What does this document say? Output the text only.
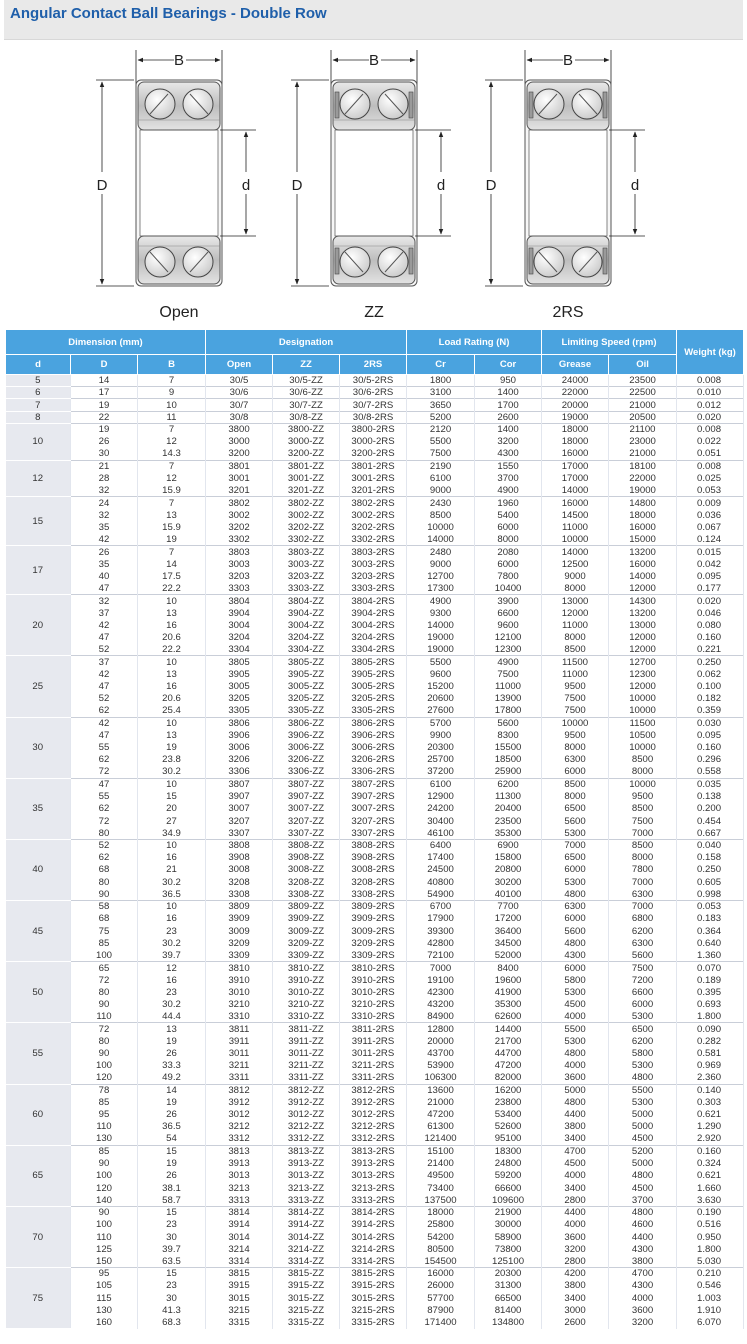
Angular Contact Ball Bearings - Double Row
B	B	B
D	D	D
d	d	d
Open	ZZ	2RS
Dimension (mm)			Designation			Load Rating (N)		Limiting Speed (rpm)		Weight (kg)
d	D	B	Open	ZZ	2RS	Cr	Cor	Grease	Oil	
5	14	7	30/5	30/5-ZZ	30/5-2RS	1800	950	24000	23500	0.008
6	17	9	30/6	30/6-ZZ	30/6-2RS	3100	1400	22000	22500	0.010
7	19	10	30/7	30/7-ZZ	30/7-2RS	3650	1700	20000	21000	0.012
8	22	11	30/8	30/8-ZZ	30/8-2RS	5200	2600	19000	20500	0.020
10	19	7	3800	3800-ZZ	3800-2RS	2120	1400	18000	21100	0.008
	26	12	3000	3000-ZZ	3000-2RS	5500	3200	18000	23000	0.022
	30	14.3	3200	3200-ZZ	3200-2RS	7500	4300	16000	21000	0.051
12	21	7	3801	3801-ZZ	3801-2RS	2190	1550	17000	18100	0.008
	28	12	3001	3001-ZZ	3001-2RS	6100	3700	17000	22000	0.025
	32	15.9	3201	3201-ZZ	3201-2RS	9000	4900	14000	19000	0.053
15	24	7	3802	3802-ZZ	3802-2RS	2430	1960	16000	14800	0.009
	32	13	3002	3002-ZZ	3002-2RS	8500	5400	14500	18000	0.036
	35	15.9	3202	3202-ZZ	3202-2RS	10000	6000	11000	16000	0.067
	42	19	3302	3302-ZZ	3302-2RS	14000	8000	10000	15000	0.124
17	26	7	3803	3803-ZZ	3803-2RS	2480	2080	14000	13200	0.015
	35	14	3003	3003-ZZ	3003-2RS	9000	6000	12500	16000	0.042
	40	17.5	3203	3203-ZZ	3203-2RS	12700	7800	9000	14000	0.095
	47	22.2	3303	3303-ZZ	3303-2RS	17300	10400	8000	12000	0.177
20	32	10	3804	3804-ZZ	3804-2RS	4900	3900	13000	14300	0.020
	37	13	3904	3904-ZZ	3904-2RS	9300	6600	12000	13200	0.046
	42	16	3004	3004-ZZ	3004-2RS	14000	9600	11000	13000	0.080
	47	20.6	3204	3204-ZZ	3204-2RS	19000	12100	8000	12000	0.160
	52	22.2	3304	3304-ZZ	3304-2RS	19000	12300	8500	12000	0.221
25	37	10	3805	3805-ZZ	3805-2RS	5500	4900	11500	12700	0.250
	42	13	3905	3905-ZZ	3905-2RS	9600	7500	11000	12300	0.062
	47	16	3005	3005-ZZ	3005-2RS	15200	11000	9500	12000	0.100
	52	20.6	3205	3205-ZZ	3205-2RS	20600	13900	7500	10000	0.182
	62	25.4	3305	3305-ZZ	3305-2RS	27600	17800	7500	10000	0.359
30	42	10	3806	3806-ZZ	3806-2RS	5700	5600	10000	11500	0.030
	47	13	3906	3906-ZZ	3906-2RS	9900	8300	9500	10500	0.095
	55	19	3006	3006-ZZ	3006-2RS	20300	15500	8000	10000	0.160
	62	23.8	3206	3206-ZZ	3206-2RS	25700	18500	6300	8500	0.296
	72	30.2	3306	3306-ZZ	3306-2RS	37200	25900	6000	8000	0.558
35	47	10	3807	3807-ZZ	3807-2RS	6100	6200	8500	10000	0.035
	55	15	3907	3907-ZZ	3907-2RS	12900	11300	8000	9500	0.138
	62	20	3007	3007-ZZ	3007-2RS	24200	20400	6500	8500	0.200
	72	27	3207	3207-ZZ	3207-2RS	30400	23500	5600	7500	0.454
	80	34.9	3307	3307-ZZ	3307-2RS	46100	35300	5300	7000	0.667
40	52	10	3808	3808-ZZ	3808-2RS	6400	6900	7000	8500	0.040
	62	16	3908	3908-ZZ	3908-2RS	17400	15800	6500	8000	0.158
	68	21	3008	3008-ZZ	3008-2RS	24500	20800	6000	7800	0.250
	80	30.2	3208	3208-ZZ	3208-2RS	40800	30200	5300	7000	0.605
	90	36.5	3308	3308-ZZ	3308-2RS	54900	40100	4800	6300	0.998
45	58	10	3809	3809-ZZ	3809-2RS	6700	7700	6300	7000	0.053
	68	16	3909	3909-ZZ	3909-2RS	17900	17200	6000	6800	0.183
	75	23	3009	3009-ZZ	3009-2RS	39300	36400	5600	6200	0.364
	85	30.2	3209	3209-ZZ	3209-2RS	42800	34500	4800	6300	0.640
	100	39.7	3309	3309-ZZ	3309-2RS	72100	52000	4300	5600	1.360
50	65	12	3810	3810-ZZ	3810-2RS	7000	8400	6000	7500	0.070
	72	16	3910	3910-ZZ	3910-2RS	19100	19600	5800	7200	0.189
	80	23	3010	3010-ZZ	3010-2RS	42300	41900	5300	6600	0.395
	90	30.2	3210	3210-ZZ	3210-2RS	43200	35300	4500	6000	0.693
	110	44.4	3310	3310-ZZ	3310-2RS	84900	62600	4000	5300	1.800
55	72	13	3811	3811-ZZ	3811-2RS	12800	14400	5500	6500	0.090
	80	19	3911	3911-ZZ	3911-2RS	20000	21700	5300	6200	0.282
	90	26	3011	3011-ZZ	3011-2RS	43700	44700	4800	5800	0.581
	100	33.3	3211	3211-ZZ	3211-2RS	53900	47200	4000	5300	0.969
	120	49.2	3311	3311-ZZ	3311-2RS	106300	82000	3600	4800	2.360
60	78	14	3812	3812-ZZ	3812-2RS	13600	16200	5000	5500	0.140
	85	19	3912	3912-ZZ	3912-2RS	21000	23800	4800	5300	0.303
	95	26	3012	3012-ZZ	3012-2RS	47200	53400	4400	5000	0.621
	110	36.5	3212	3212-ZZ	3212-2RS	61300	52600	3800	5000	1.290
	130	54	3312	3312-ZZ	3312-2RS	121400	95100	3400	4500	2.920
65	85	15	3813	3813-ZZ	3813-2RS	15100	18300	4700	5200	0.160
	90	19	3913	3913-ZZ	3913-2RS	21400	24800	4500	5000	0.324
	100	26	3013	3013-ZZ	3013-2RS	49500	59200	4000	4800	0.621
	120	38.1	3213	3213-ZZ	3213-2RS	73400	66600	3400	4500	1.660
	140	58.7	3313	3313-ZZ	3313-2RS	137500	109600	2800	3700	3.630
70	90	15	3814	3814-ZZ	3814-2RS	18000	21900	4400	4800	0.190
	100	23	3914	3914-ZZ	3914-2RS	25800	30000	4000	4600	0.516
	110	30	3014	3014-ZZ	3014-2RS	54200	58900	3600	4400	0.950
	125	39.7	3214	3214-ZZ	3214-2RS	80500	73800	3200	4300	1.800
	150	63.5	3314	3314-ZZ	3314-2RS	154500	125100	2800	3800	5.030
75	95	15	3815	3815-ZZ	3815-2RS	16000	20300	4200	4700	0.210
	105	23	3915	3915-ZZ	3915-2RS	26000	31300	3800	4300	0.546
	115	30	3015	3015-ZZ	3015-2RS	57700	66500	3400	4000	1.003
	130	41.3	3215	3215-ZZ	3215-2RS	87900	81400	3000	3600	1.910
	160	68.3	3315	3315-ZZ	3315-2RS	171400	134800	2600	3200	6.070
